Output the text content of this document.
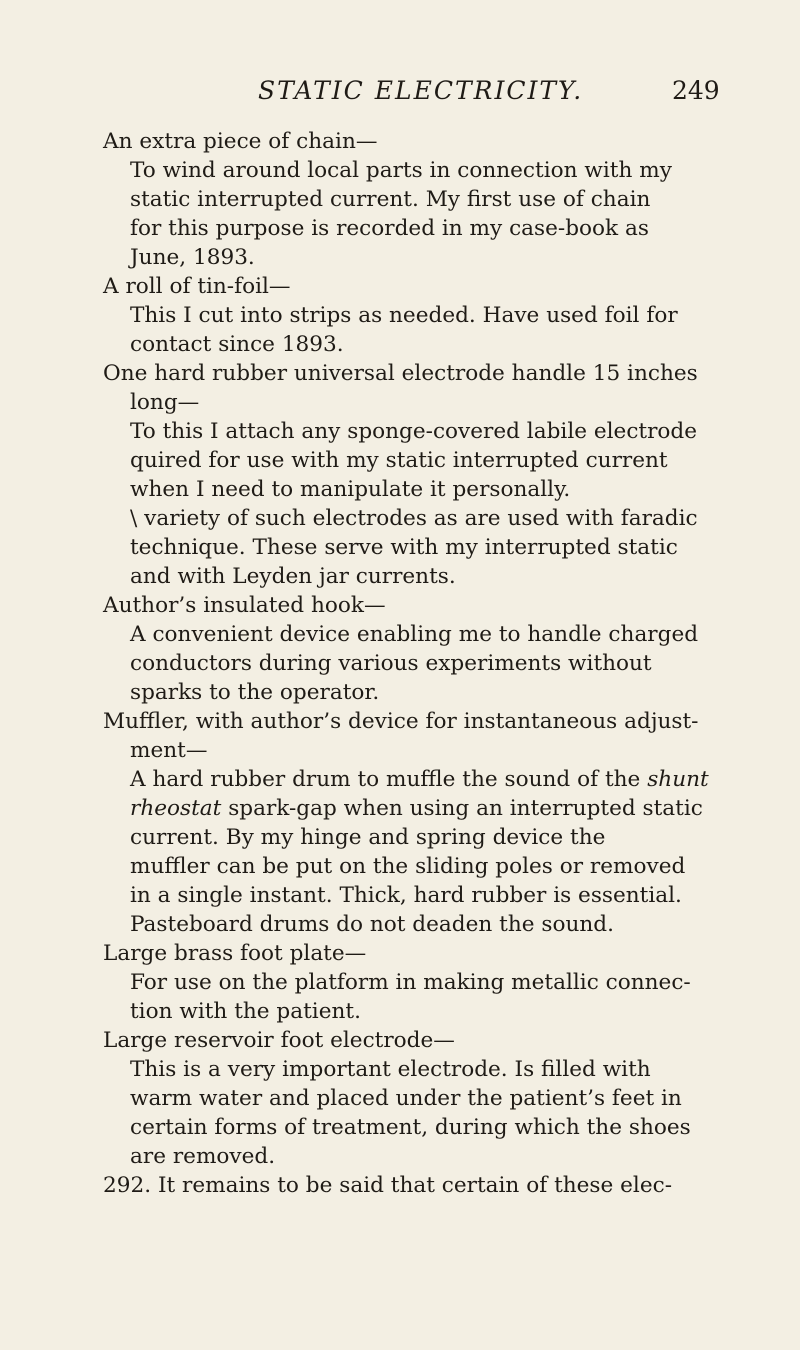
STATIC ELECTRICITY.	249
An extra piece of chain—
To wind around local parts in connection with my
static interrupted current. My first use of chain
for this purpose is recorded in my case-book as
June, 1893.
A roll of tin-foil—
This I cut into strips as needed. Have used foil for
contact since 1893.
One hard rubber universal electrode handle 15 inches
long—
To this I attach any sponge-covered labile electrode
quired for use with my static interrupted current
when I need to manipulate it personally.
\ variety of such electrodes as are used with faradic
technique. These serve with my interrupted static
and with Leyden jar currents.
Author’s insulated hook—
A convenient device enabling me to handle charged
conductors during various experiments without
sparks to the operator.
Muffler, with author’s device for instantaneous adjust-
ment—
A hard rubber drum to muffle the sound of the shunt
rheostat spark-gap when using an interrupted static
current. By my hinge and spring device the
muffler can be put on the sliding poles or removed
in a single instant. Thick, hard rubber is essential.
Pasteboard drums do not deaden the sound.
Large brass foot plate—
For use on the platform in making metallic connec-
tion with the patient.
Large reservoir foot electrode—
This is a very important electrode. Is filled with
warm water and placed under the patient’s feet in
certain forms of treatment, during which the shoes
are removed.
292. It remains to be said that certain of these elec-
